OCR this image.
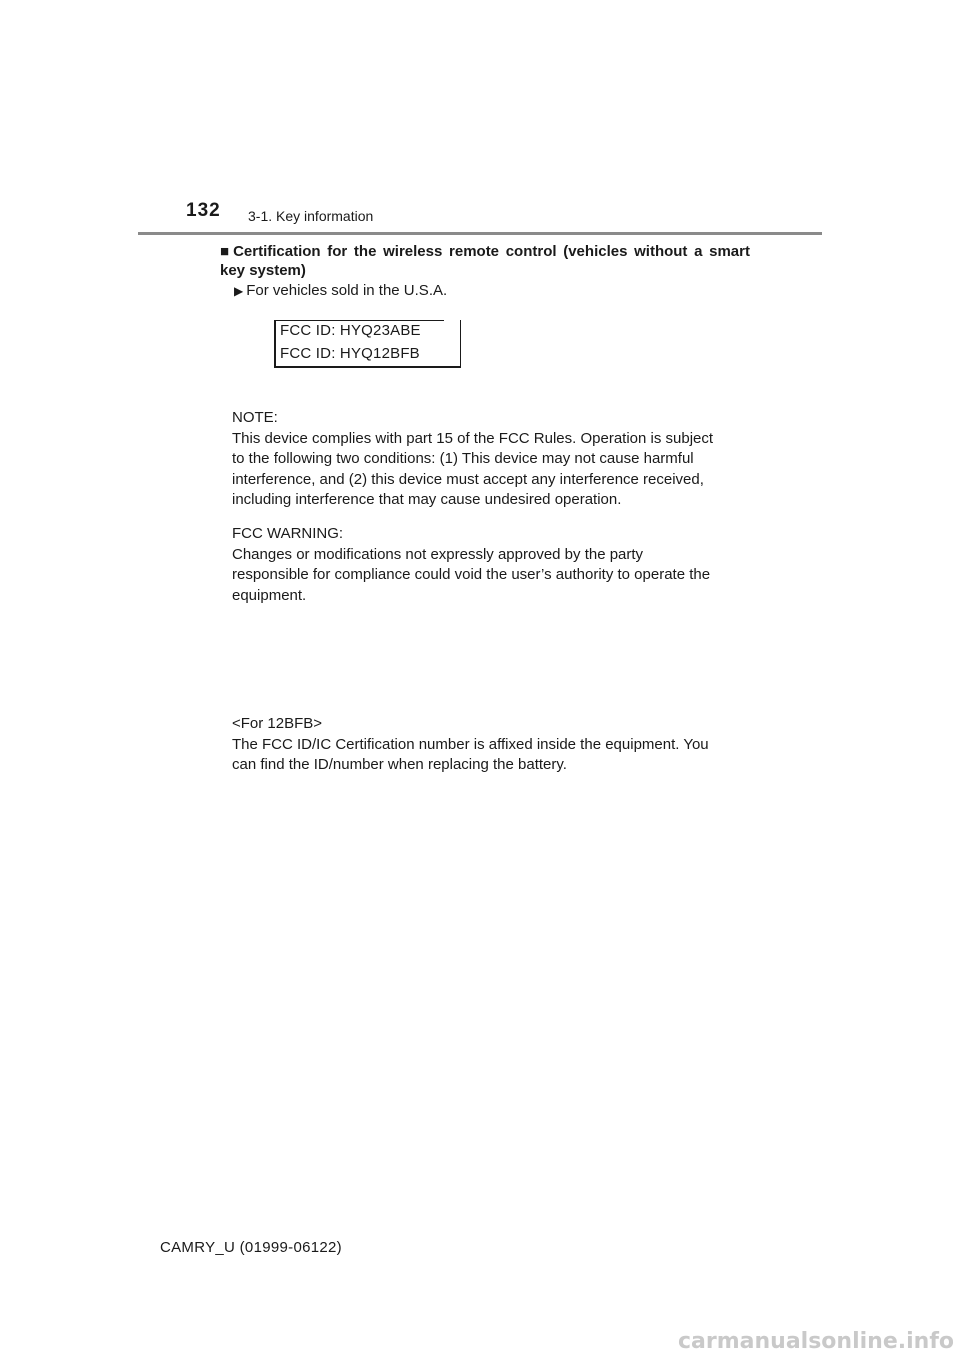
132 3-1. Key information
■ Certification for the wireless remote control (vehicles without a smart key system)
▶ For vehicles sold in the U.S.A.
FCC ID: HYQ23ABE
FCC ID: HYQ12BFB

NOTE:

This device complies with part 15 of the FCC Rules. Operation is subject

to the following two conditions: (1) This device may not cause harmful

interference, and (2) this device must accept any interference received,

including interference that may cause undesired operation.

FCC WARNING:

Changes or modifications not expressly approved by the party

responsible for compliance could void the user’s authority to operate the

equipment.

<For 12BFB>

The FCC ID/IC Certification number is affixed inside the equipment. You

can find the ID/number when replacing the battery.

CAMRY_U (01999-06122)
carmanualsonline.info
